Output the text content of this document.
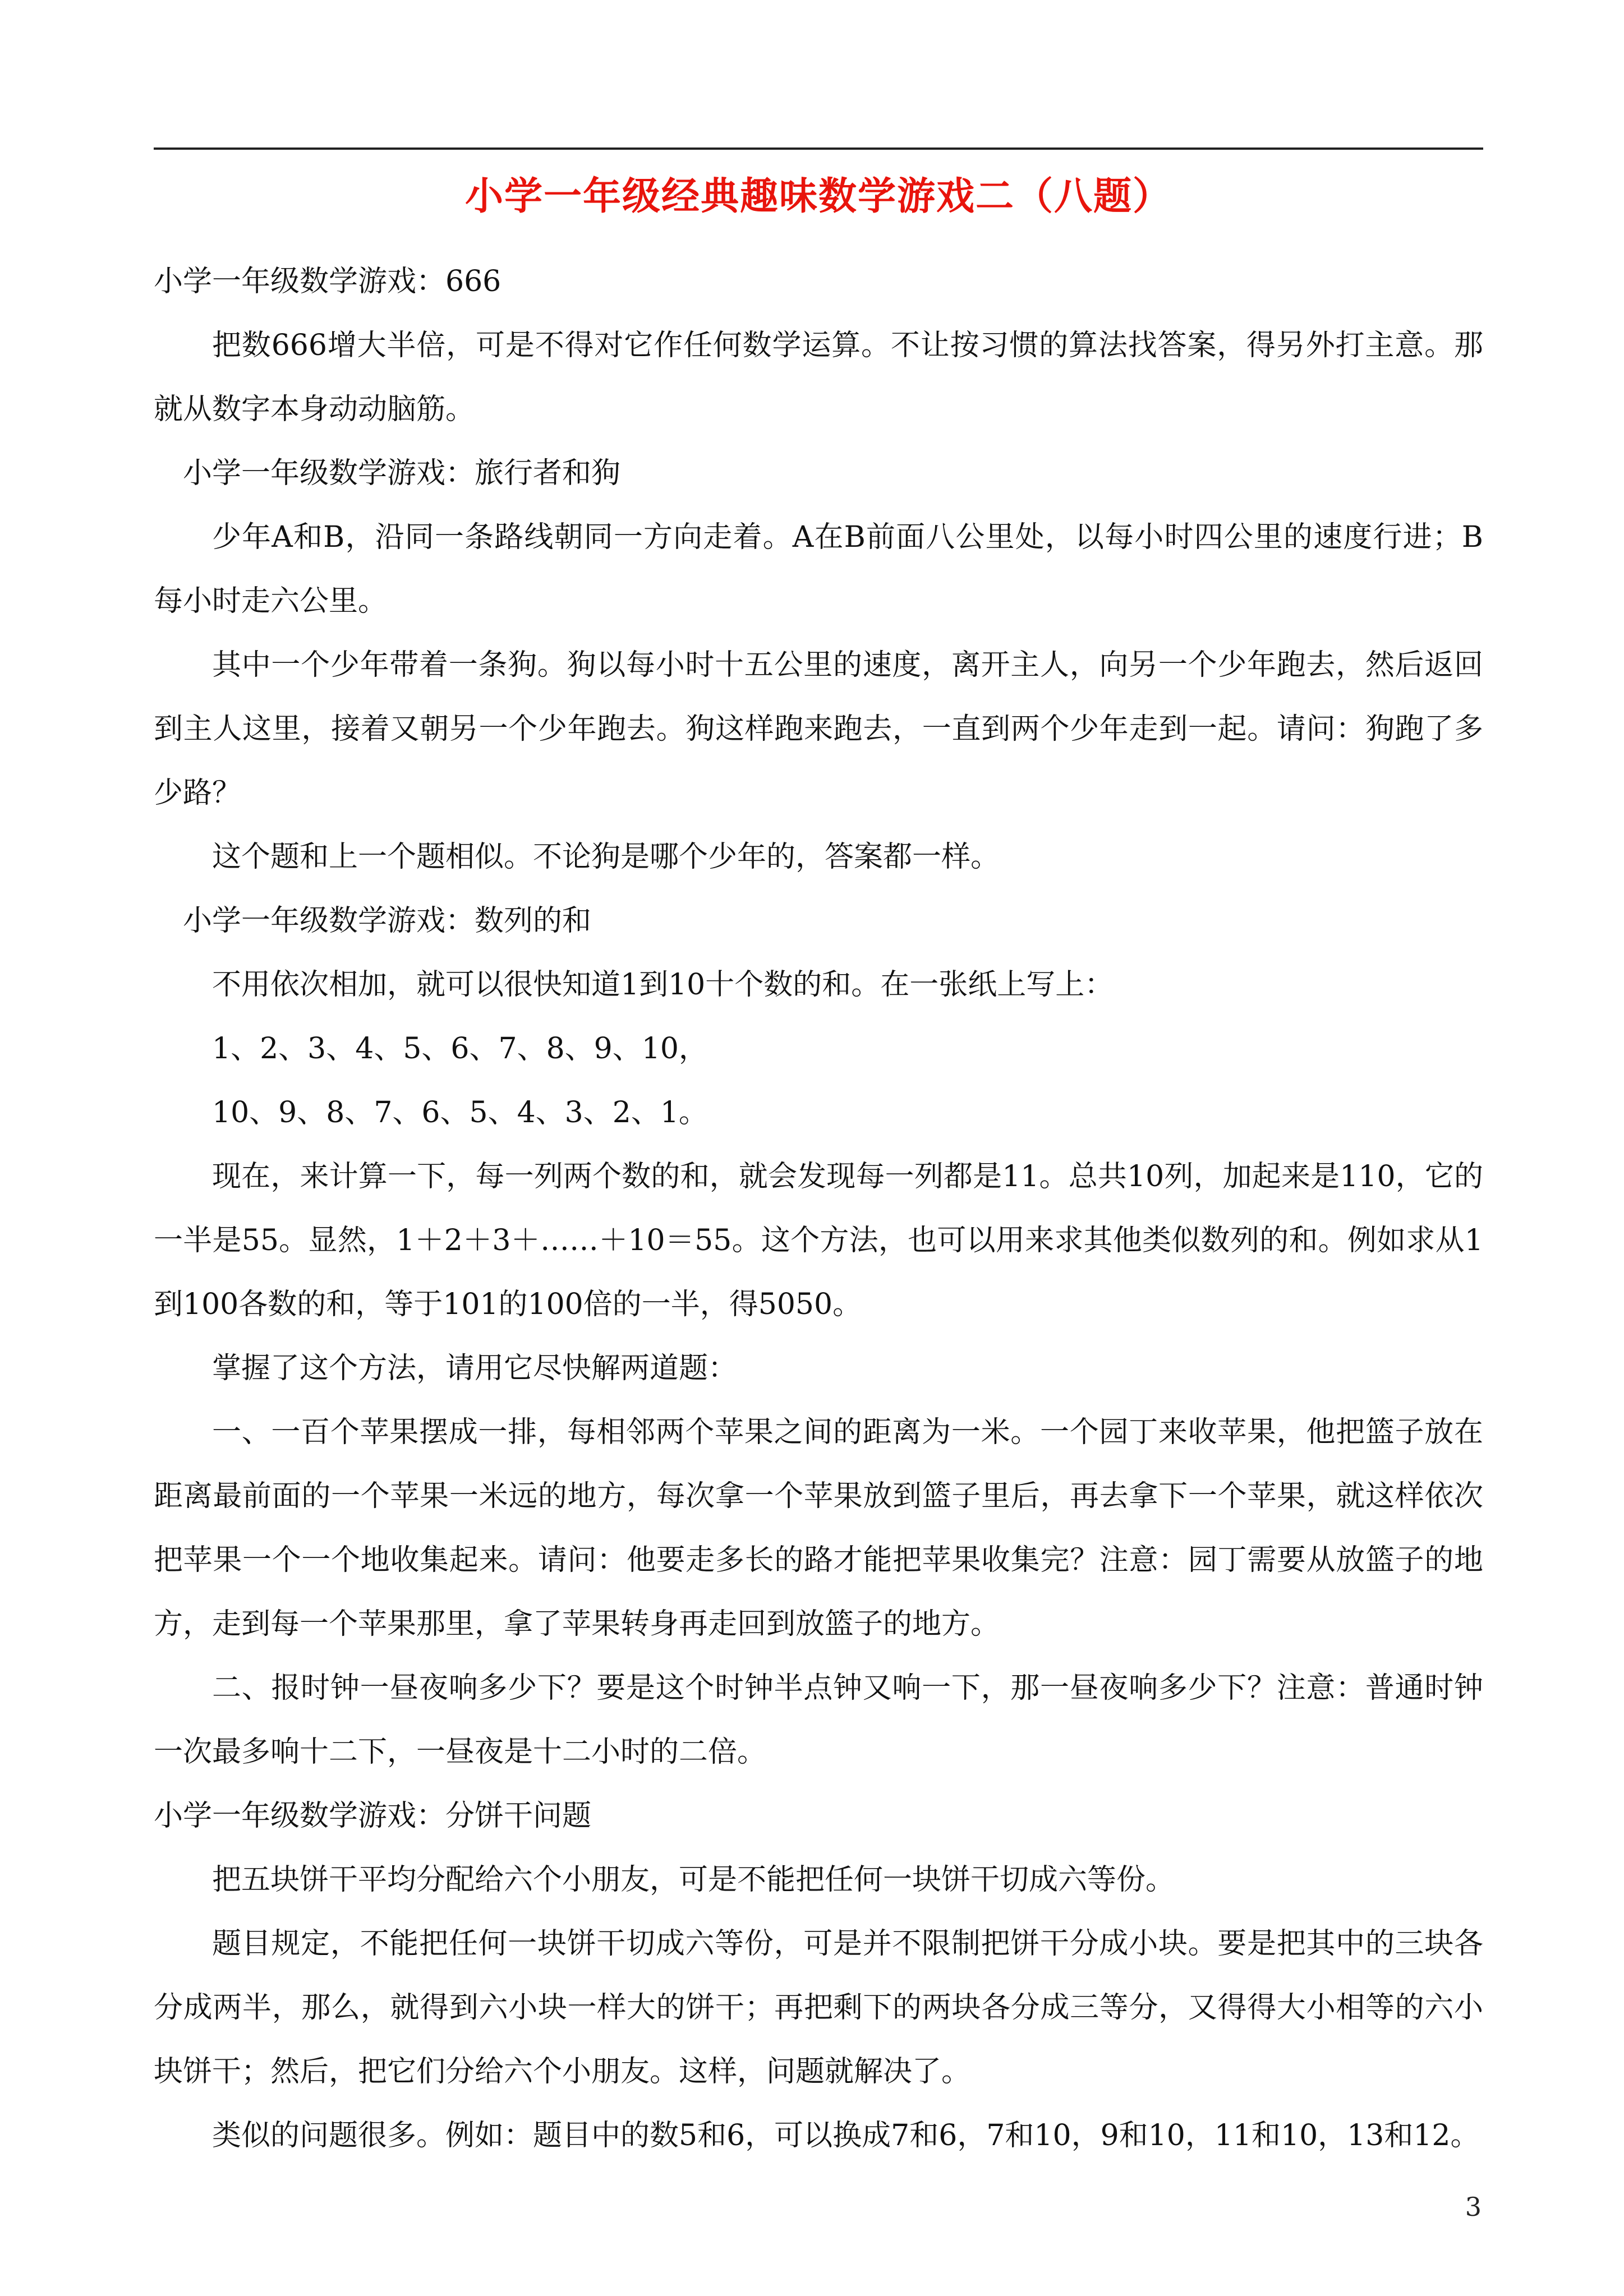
小学一年级经典趣味数学游戏二（八题）

小学一年级数学游戏：666

把数666增大半倍，可是不得对它作任何数学运算。不让按习惯的算法找答案，得另外打主意。那就从数字本身动动脑筋。

小学一年级数学游戏：旅行者和狗

少年A和B，沿同一条路线朝同一方向走着。A在B前面八公里处，以每小时四公里的速度行进；B每小时走六公里。

其中一个少年带着一条狗。狗以每小时十五公里的速度，离开主人，向另一个少年跑去，然后返回到主人这里，接着又朝另一个少年跑去。狗这样跑来跑去，一直到两个少年走到一起。请问：狗跑了多少路？

这个题和上一个题相似。不论狗是哪个少年的，答案都一样。

小学一年级数学游戏：数列的和

不用依次相加，就可以很快知道1到10十个数的和。在一张纸上写上：

1、2、3、4、5、6、7、8、9、10，

10、9、8、7、6、5、4、3、2、1。

现在，来计算一下，每一列两个数的和，就会发现每一列都是11。总共10列，加起来是110，它的一半是55。显然，1＋2＋3＋……＋10＝55。这个方法，也可以用来求其他类似数列的和。例如求从1到100各数的和，等于101的100倍的一半，得5050。

掌握了这个方法，请用它尽快解两道题：

一、一百个苹果摆成一排，每相邻两个苹果之间的距离为一米。一个园丁来收苹果，他把篮子放在距离最前面的一个苹果一米远的地方，每次拿一个苹果放到篮子里后，再去拿下一个苹果，就这样依次把苹果一个一个地收集起来。请问：他要走多长的路才能把苹果收集完？注意：园丁需要从放篮子的地方，走到每一个苹果那里，拿了苹果转身再走回到放篮子的地方。

二、报时钟一昼夜响多少下？要是这个时钟半点钟又响一下，那一昼夜响多少下？注意：普通时钟一次最多响十二下，一昼夜是十二小时的二倍。

小学一年级数学游戏：分饼干问题

把五块饼干平均分配给六个小朋友，可是不能把任何一块饼干切成六等份。

题目规定，不能把任何一块饼干切成六等份，可是并不限制把饼干分成小块。要是把其中的三块各分成两半，那么，就得到六小块一样大的饼干；再把剩下的两块各分成三等分，又得得大小相等的六小块饼干；然后，把它们分给六个小朋友。这样，问题就解决了。

类似的问题很多。例如：题目中的数5和6，可以换成7和6，7和10，9和10，11和10，13和12。

3
